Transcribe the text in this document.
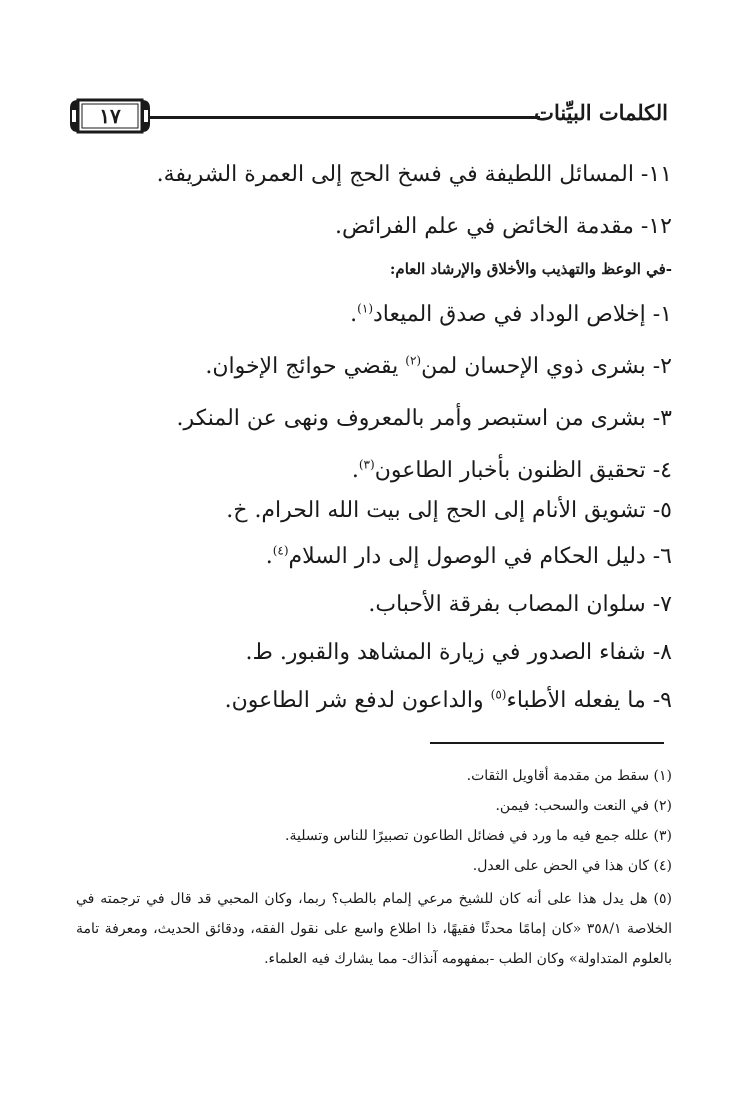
١٧	الكلمات البيِّنات
١١- المسائل اللطيفة في فسخ الحج إلى العمرة الشريفة.
١٢- مقدمة الخائض في علم الفرائض.
-في الوعظ والتهذيب والأخلاق والإرشاد العام:
١- إخلاص الوداد في صدق الميعاد$^{(١)}$.
٢- بشرى ذوي الإحسان لمن$^{(٢)}$ يقضي حوائج الإخوان.
٣- بشرى من استبصر وأمر بالمعروف ونهى عن المنكر.
٤- تحقيق الظنون بأخبار الطاعون$^{(٣)}$.
٥- تشويق الأنام إلى الحج إلى بيت الله الحرام. خ.
٦- دليل الحكام في الوصول إلى دار السلام$^{(٤)}$.
٧- سلوان المصاب بفرقة الأحباب.
٨- شفاء الصدور في زيارة المشاهد والقبور. ط.
٩- ما يفعله الأطباء$^{(٥)}$ والداعون لدفع شر الطاعون.
(١) سقط من مقدمة أقاويل الثقات.
(٢) في النعت والسحب: فيمن.
(٣) علله جمع فيه ما ورد في فضائل الطاعون تصبيرًا للناس وتسلية.
(٤) كان هذا في الحض على العدل.
(٥) هل يدل هذا على أنه كان للشيخ مرعي إلمام بالطب؟ ربما، وكان المحبي قد قال في ترجمته في الخلاصة ٣٥٨/١ «كان إمامًا محدثًا فقيهًا، ذا اطلاع واسع على نقول الفقه، ودقائق الحديث، ومعرفة تامة بالعلوم المتداولة» وكان الطب -بمفهومه آنذاك- مما يشارك فيه العلماء.
